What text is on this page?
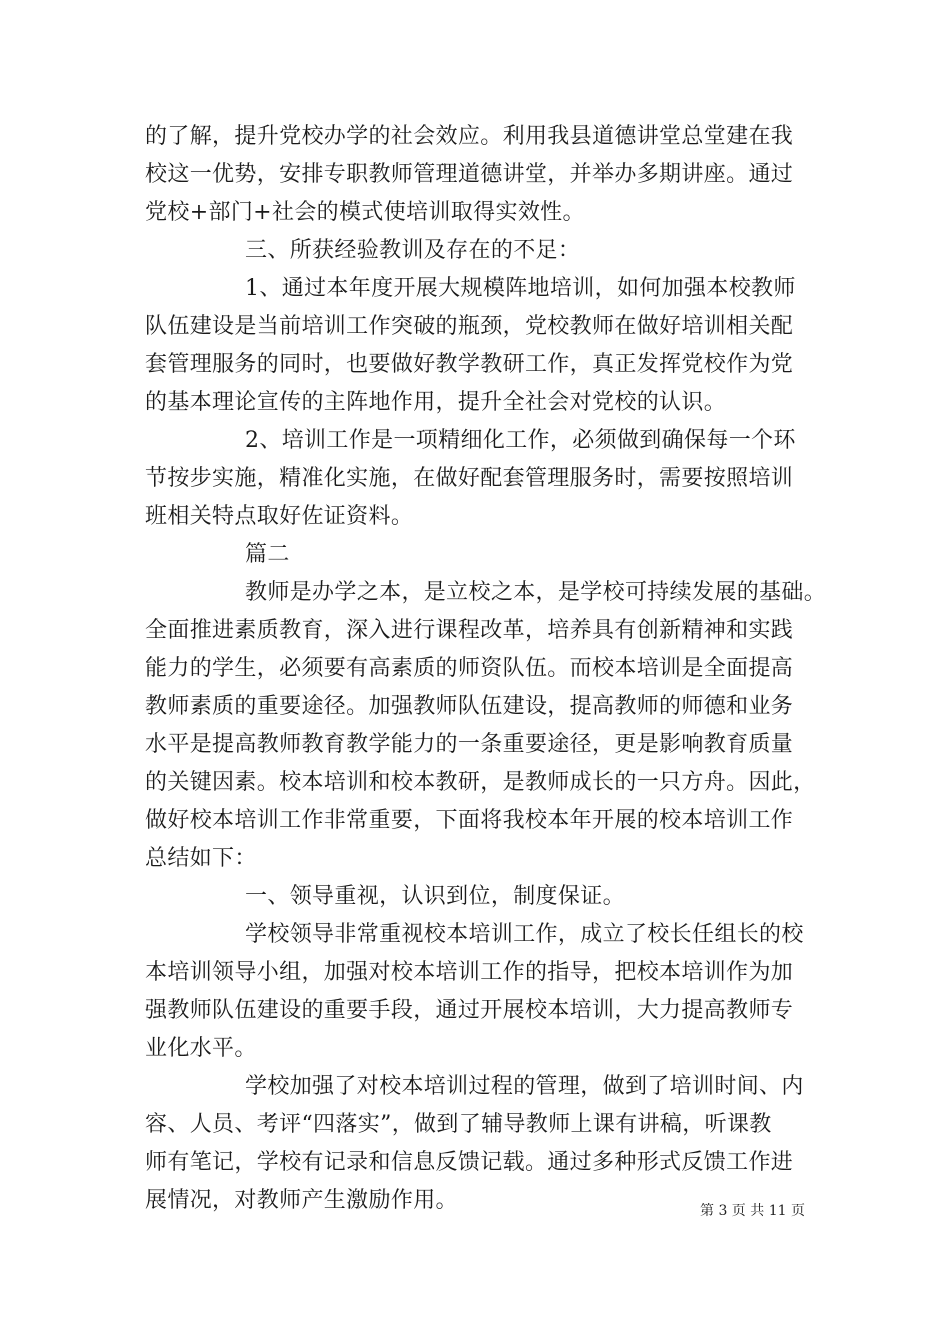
的了解，提升党校办学的社会效应。利用我县道德讲堂总堂建在我
校这一优势，安排专职教师管理道德讲堂，并举办多期讲座。通过
党校+部门+社会的模式使培训取得实效性。
三、所获经验教训及存在的不足：
1、通过本年度开展大规模阵地培训，如何加强本校教师
队伍建设是当前培训工作突破的瓶颈，党校教师在做好培训相关配
套管理服务的同时，也要做好教学教研工作，真正发挥党校作为党
的基本理论宣传的主阵地作用，提升全社会对党校的认识。
2、培训工作是一项精细化工作，必须做到确保每一个环
节按步实施，精准化实施，在做好配套管理服务时，需要按照培训
班相关特点取好佐证资料。
篇二
教师是办学之本，是立校之本，是学校可持续发展的基础。
全面推进素质教育，深入进行课程改革，培养具有创新精神和实践
能力的学生，必须要有高素质的师资队伍。而校本培训是全面提高
教师素质的重要途径。加强教师队伍建设，提高教师的师德和业务
水平是提高教师教育教学能力的一条重要途径，更是影响教育质量
的关键因素。校本培训和校本教研，是教师成长的一只方舟。因此，
做好校本培训工作非常重要，下面将我校本年开展的校本培训工作
总结如下：
一、领导重视，认识到位，制度保证。
学校领导非常重视校本培训工作，成立了校长任组长的校
本培训领导小组，加强对校本培训工作的指导，把校本培训作为加
强教师队伍建设的重要手段，通过开展校本培训，大力提高教师专
业化水平。
学校加强了对校本培训过程的管理，做到了培训时间、内
容、人员、考评“四落实”，做到了辅导教师上课有讲稿，听课教
师有笔记，学校有记录和信息反馈记载。通过多种形式反馈工作进
展情况，对教师产生激励作用。	第 3 页 共 11 页
